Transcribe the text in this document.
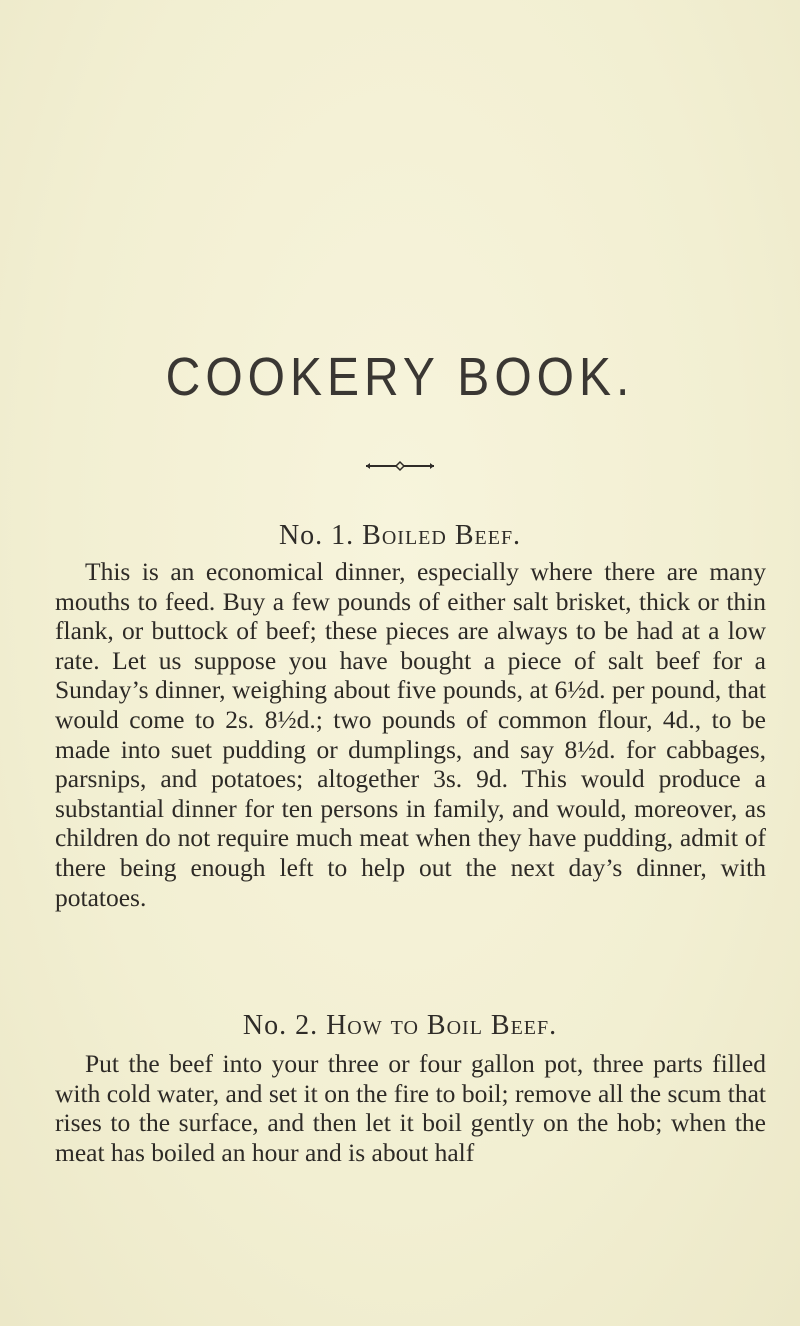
COOKERY BOOK.
No. 1. Boiled Beef.

This is an economical dinner, especially where there are many mouths to feed. Buy a few pounds of either salt brisket, thick or thin flank, or buttock of beef; these pieces are always to be had at a low rate. Let us suppose you have bought a piece of salt beef for a Sunday’s dinner, weighing about five pounds, at 6½d. per pound, that would come to 2s. 8½d.; two pounds of common flour, 4d., to be made into suet pudding or dumplings, and say 8½d. for cabbages, parsnips, and potatoes; altogether 3s. 9d. This would produce a substantial dinner for ten persons in family, and would, moreover, as children do not require much meat when they have pudding, admit of there being enough left to help out the next day’s dinner, with potatoes.

No. 2. How to Boil Beef.

Put the beef into your three or four gallon pot, three parts filled with cold water, and set it on the fire to boil; remove all the scum that rises to the surface, and then let it boil gently on the hob; when the meat has boiled an hour and is about half
